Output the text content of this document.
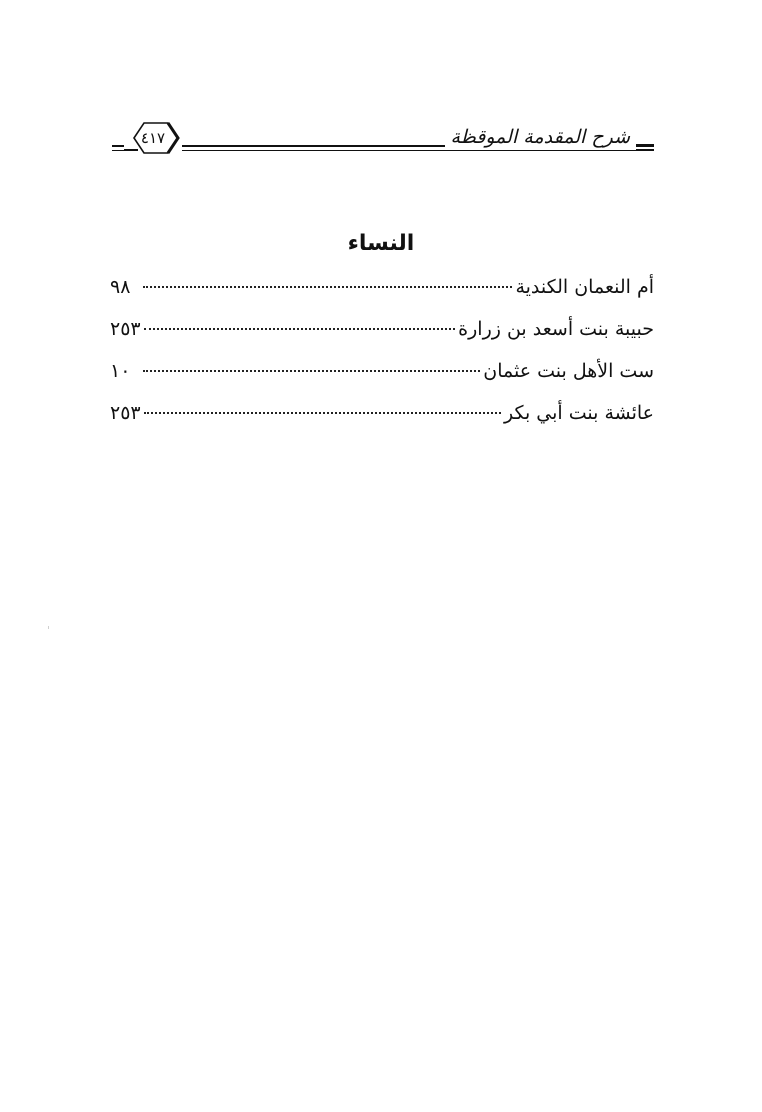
٤١٧	شرح المقدمة الموقظة
النساء
أم النعمان الكندية
٩٨
حبيبة بنت أسعد بن زرارة
٢٥٣
ست الأهل بنت عثمان
١٠
عائشة بنت أبي بكر
٢٥٣
